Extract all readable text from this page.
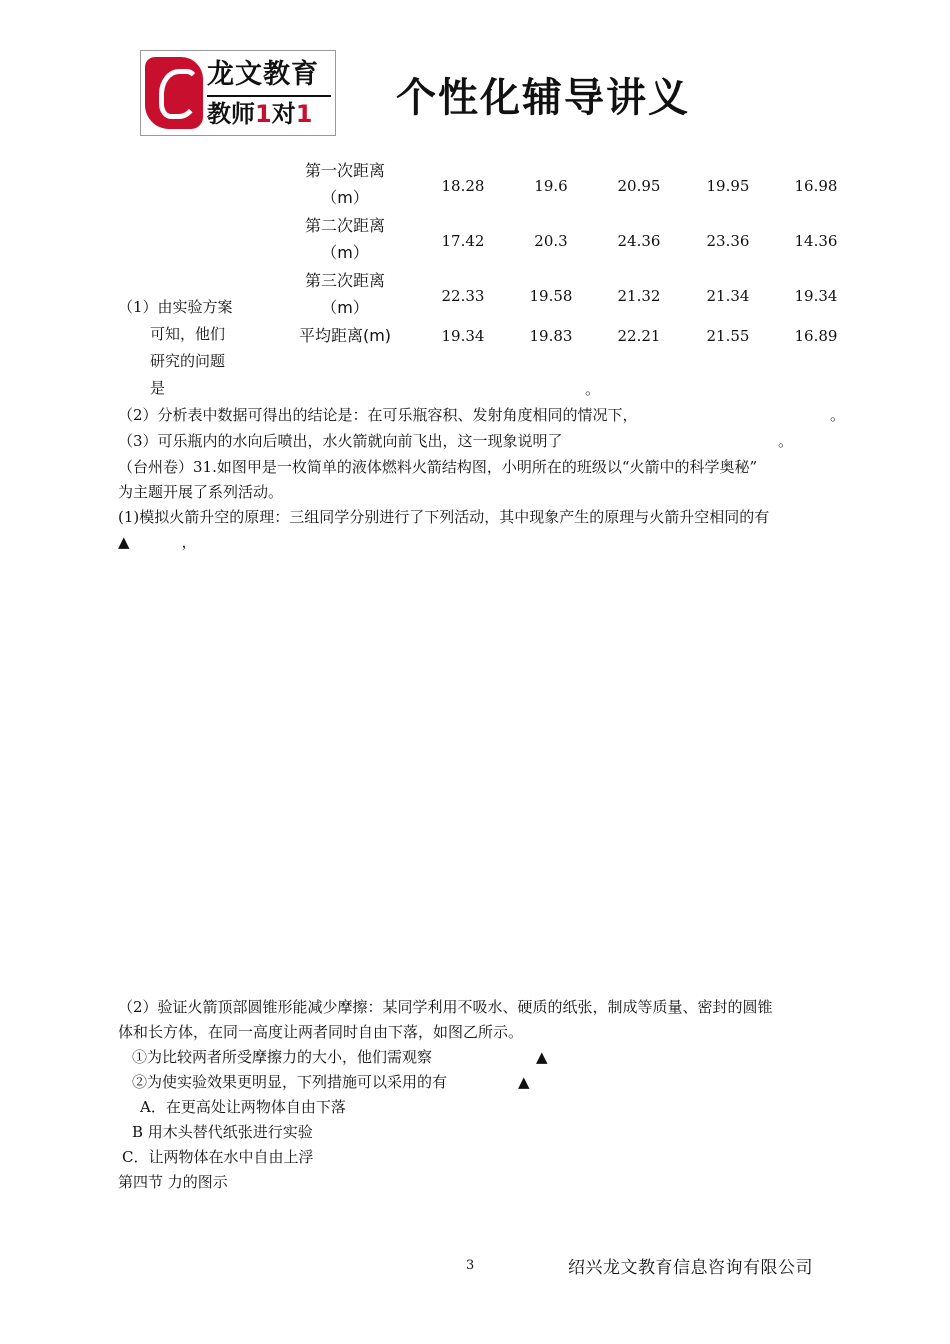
龙文教育
教师1对1	个性化辅导讲义
第一次距离
（m）
18.28	19.6	20.95	19.95	16.98
第二次距离
（m）
17.42	20.3	24.36	23.36	14.36
第三次距离
（m）
22.33	19.58	21.32	21.34	19.34
平均距离(m)	19.34	19.83	22.21	21.55	16.89
（1）由实验方案
可知，他们
研究的问题
是	。
（2）分析表中数据可得出的结论是：在可乐瓶容积、发射角度相同的情况下，	。
（3）可乐瓶内的水向后喷出，水火箭就向前飞出，这一现象说明了	。
（台州卷）31.如图甲是一枚简单的液体燃料火箭结构图，小明所在的班级以“火箭中的科学奥秘”
为主题开展了系列活动。
(1)模拟火箭升空的原理：三组同学分别进行了下列活动，其中现象产生的原理与火箭升空相同的有
▲	，
（2）验证火箭顶部圆锥形能减少摩擦：某同学利用不吸水、硬质的纸张，制成等质量、密封的圆锥
体和长方体，在同一高度让两者同时自由下落，如图乙所示。
①为比较两者所受摩擦力的大小，他们需观察	▲
②为使实验效果更明显，下列措施可以采用的有	▲
A．在更高处让两物体自由下落
B 用木头替代纸张进行实验
C．让两物体在水中自由上浮
第四节 力的图示
3	绍兴龙文教育信息咨询有限公司
